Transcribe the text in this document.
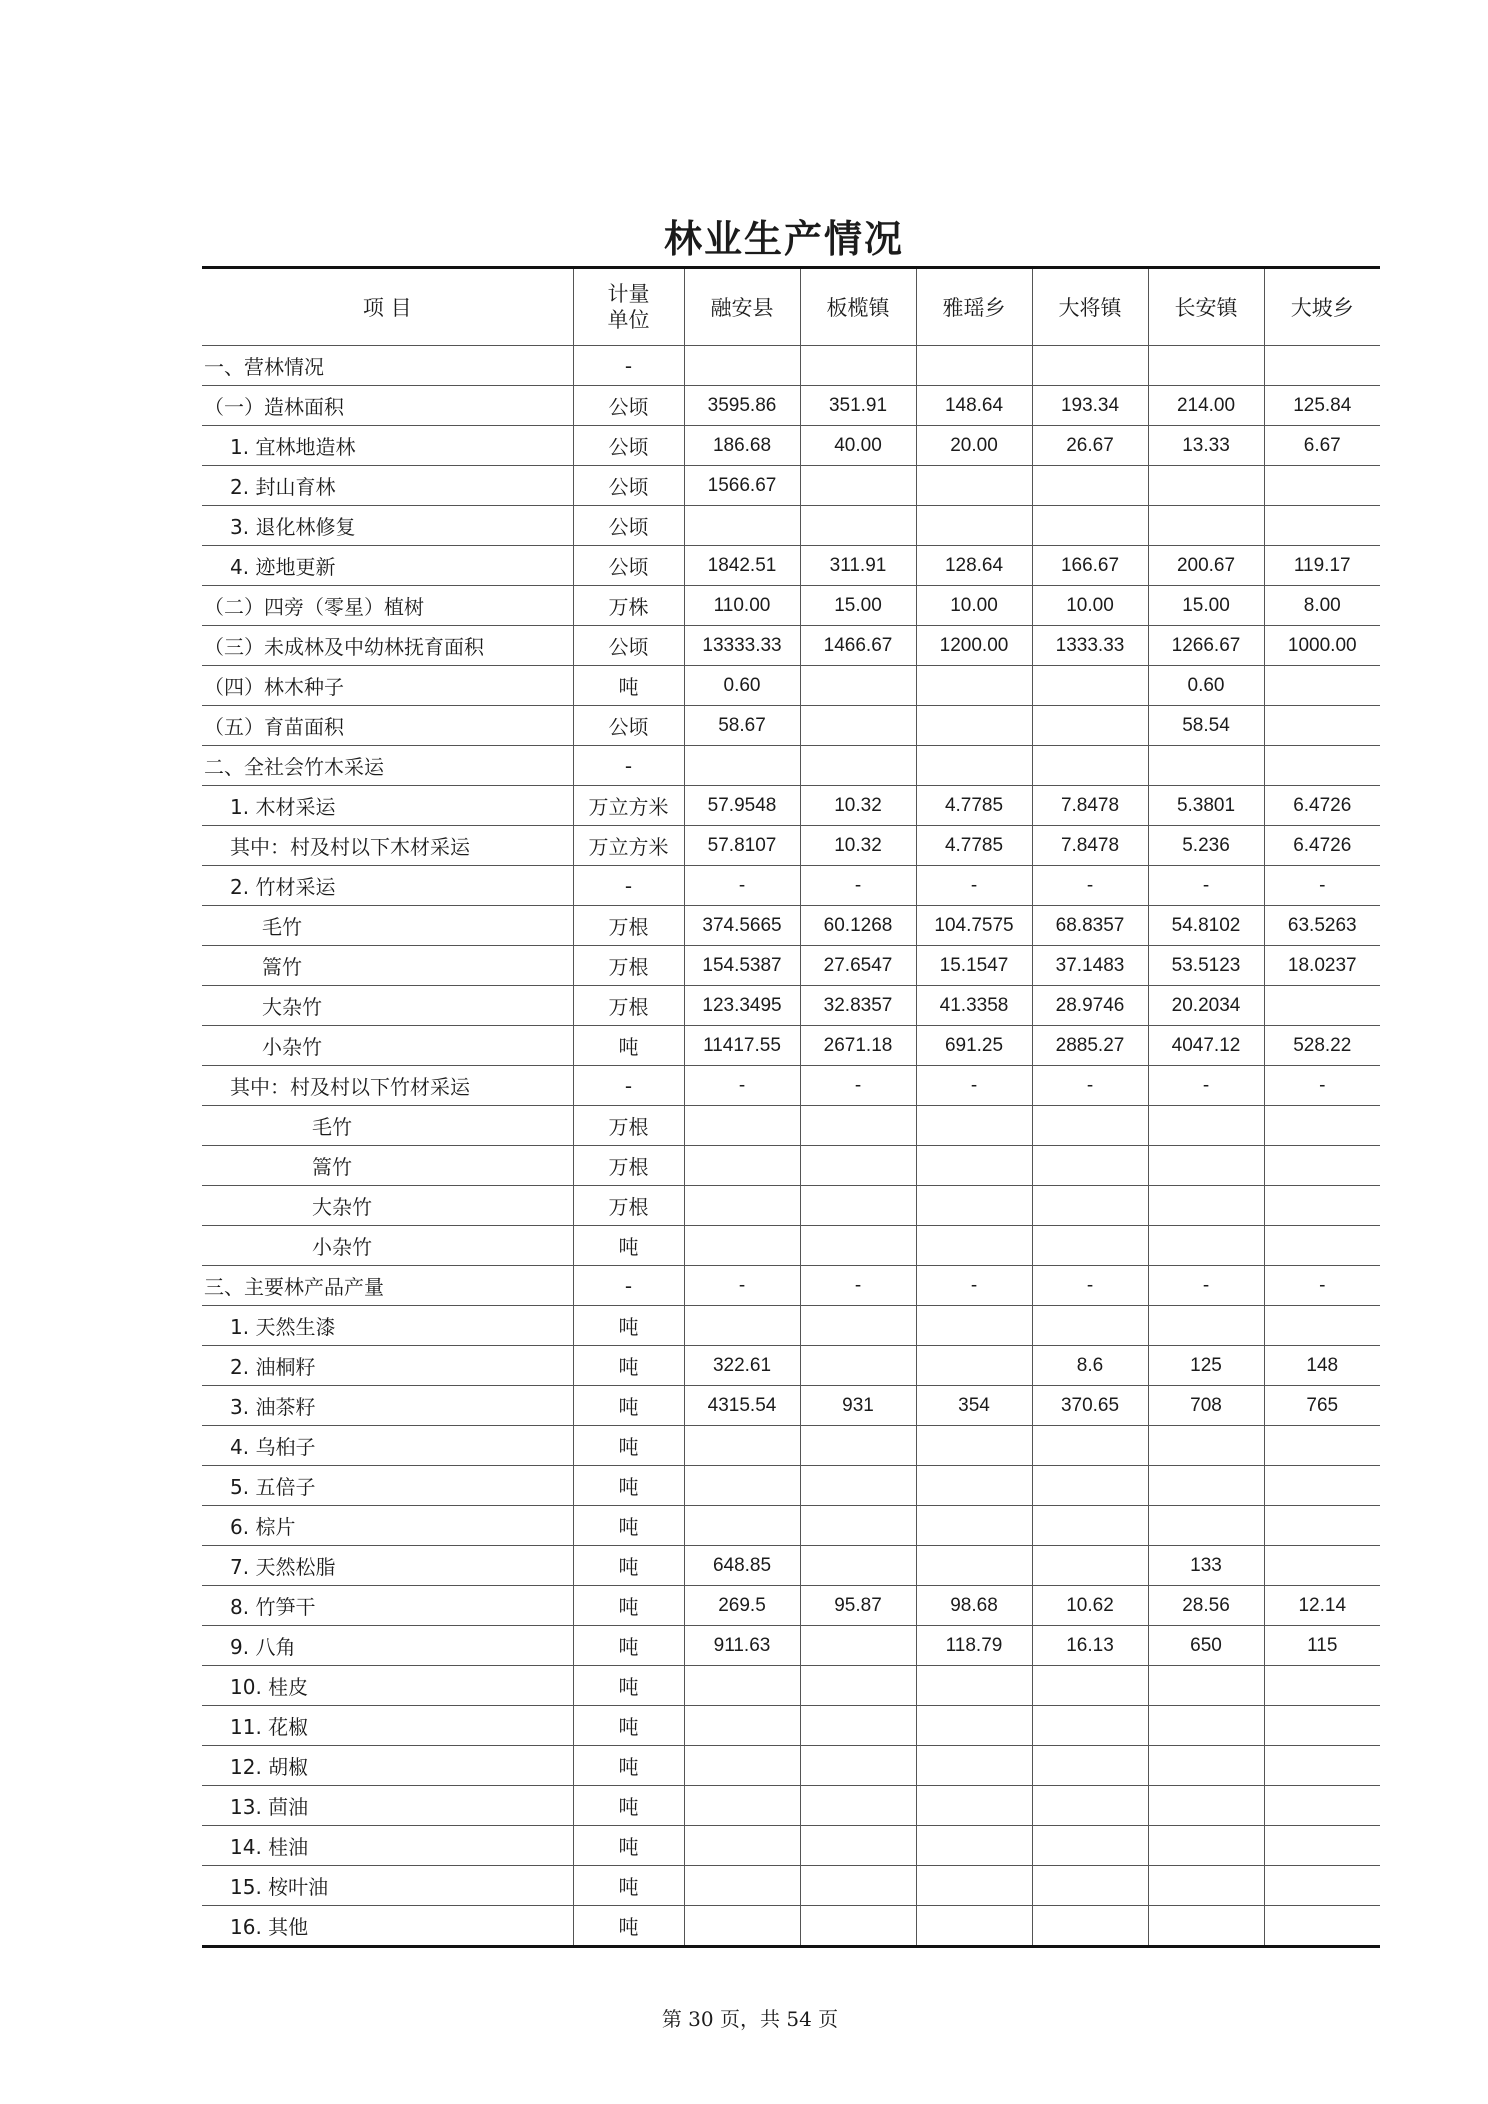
林业生产情况
项 目	计量
单位	融安县	板榄镇	雅瑶乡	大将镇	长安镇	大坡乡
一、营林情况	-						
（一）造林面积	公顷	3595.86	351.91	148.64	193.34	214.00	125.84
1. 宜林地造林	公顷	186.68	40.00	20.00	26.67	13.33	6.67
2. 封山育林	公顷	1566.67					
3. 退化林修复	公顷						
4. 迹地更新	公顷	1842.51	311.91	128.64	166.67	200.67	119.17
（二）四旁（零星）植树	万株	110.00	15.00	10.00	10.00	15.00	8.00
（三）未成林及中幼林抚育面积	公顷	13333.33	1466.67	1200.00	1333.33	1266.67	1000.00
（四）林木种子	吨	0.60				0.60	
（五）育苗面积	公顷	58.67				58.54	
二、全社会竹木采运	-						
1. 木材采运	万立方米	57.9548	10.32	4.7785	7.8478	5.3801	6.4726
其中：村及村以下木材采运	万立方米	57.8107	10.32	4.7785	7.8478	5.236	6.4726
2. 竹材采运	-	-	-	-	-	-	-
毛竹	万根	374.5665	60.1268	104.7575	68.8357	54.8102	63.5263
篙竹	万根	154.5387	27.6547	15.1547	37.1483	53.5123	18.0237
大杂竹	万根	123.3495	32.8357	41.3358	28.9746	20.2034	
小杂竹	吨	11417.55	2671.18	691.25	2885.27	4047.12	528.22
其中：村及村以下竹材采运	-	-	-	-	-	-	-
毛竹	万根						
篙竹	万根						
大杂竹	万根						
小杂竹	吨						
三、主要林产品产量	-	-	-	-	-	-	-
1. 天然生漆	吨						
2. 油桐籽	吨	322.61			8.6	125	148
3. 油茶籽	吨	4315.54	931	354	370.65	708	765
4. 乌桕子	吨						
5. 五倍子	吨						
6. 棕片	吨						
7. 天然松脂	吨	648.85				133	
8. 竹笋干	吨	269.5	95.87	98.68	10.62	28.56	12.14
9. 八角	吨	911.63		118.79	16.13	650	115
10. 桂皮	吨						
11. 花椒	吨						
12. 胡椒	吨						
13. 茴油	吨						
14. 桂油	吨						
15. 桉叶油	吨						
16. 其他	吨						
第 30 页，共 54 页
